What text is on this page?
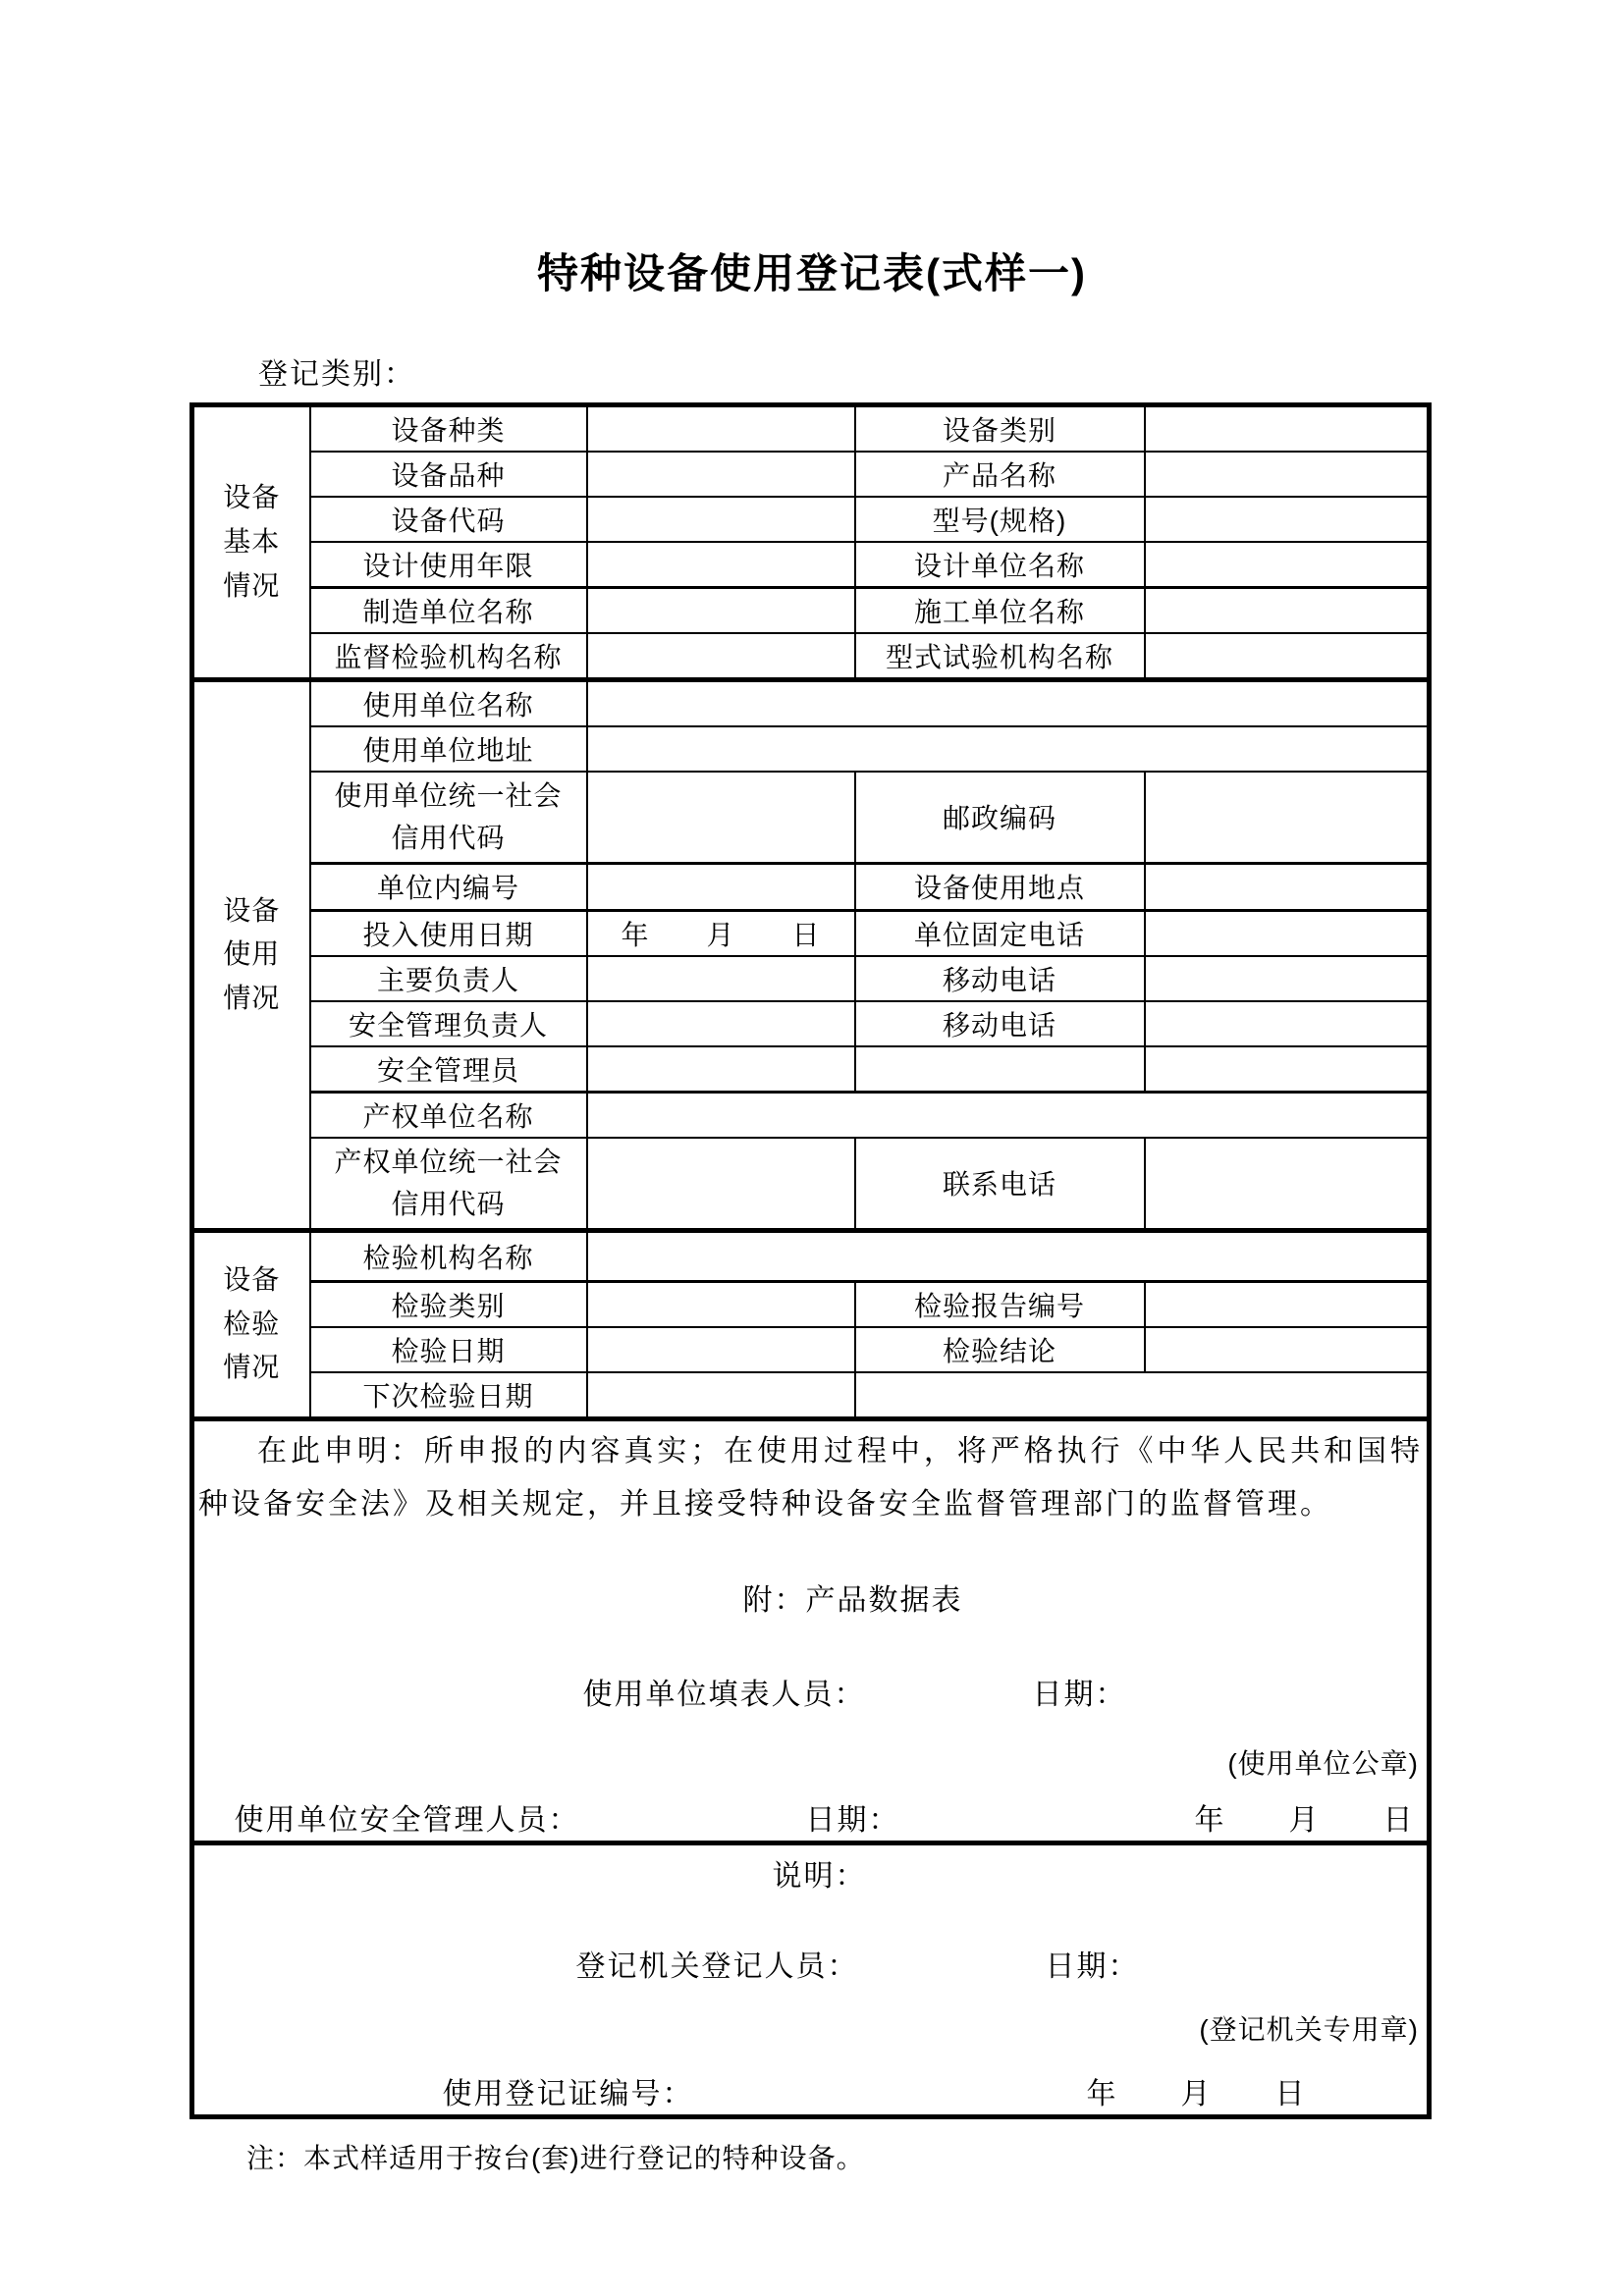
特种设备使用登记表(式样一)
登记类别：
设备基本情况	设备种类		设备类别	
	设备品种		产品名称	
	设备代码		型号(规格)	
	设计使用年限		设计单位名称	
	制造单位名称		施工单位名称	
	监督检验机构名称		型式试验机构名称	
设备使用情况	使用单位名称			
	使用单位地址			
	使用单位统一社会信用代码		邮政编码	
	单位内编号		设备使用地点	
	投入使用日期	年　　月　　日	单位固定电话	
	主要负责人		移动电话	
	安全管理负责人		移动电话	
	安全管理员			
	产权单位名称			
	产权单位统一社会信用代码		联系电话	
设备检验情况	检验机构名称			
	检验类别		检验报告编号	
	检验日期		检验结论	
	下次检验日期			

在此申明：所申报的内容真实；在使用过程中，将严格执行《中华人民共和国特种设备安全法》及相关规定，并且接受特种设备安全监督管理部门的监督管理。

附：产品数据表
使用单位填表人员： 日期：
(使用单位公章)
使用单位安全管理人员： 日期： 年　　月　　日				

说明：
登记机关登记人员： 日期：
(登记机关专用章)
使用登记证编号： 年　　月　　日				
注：本式样适用于按台(套)进行登记的特种设备。
